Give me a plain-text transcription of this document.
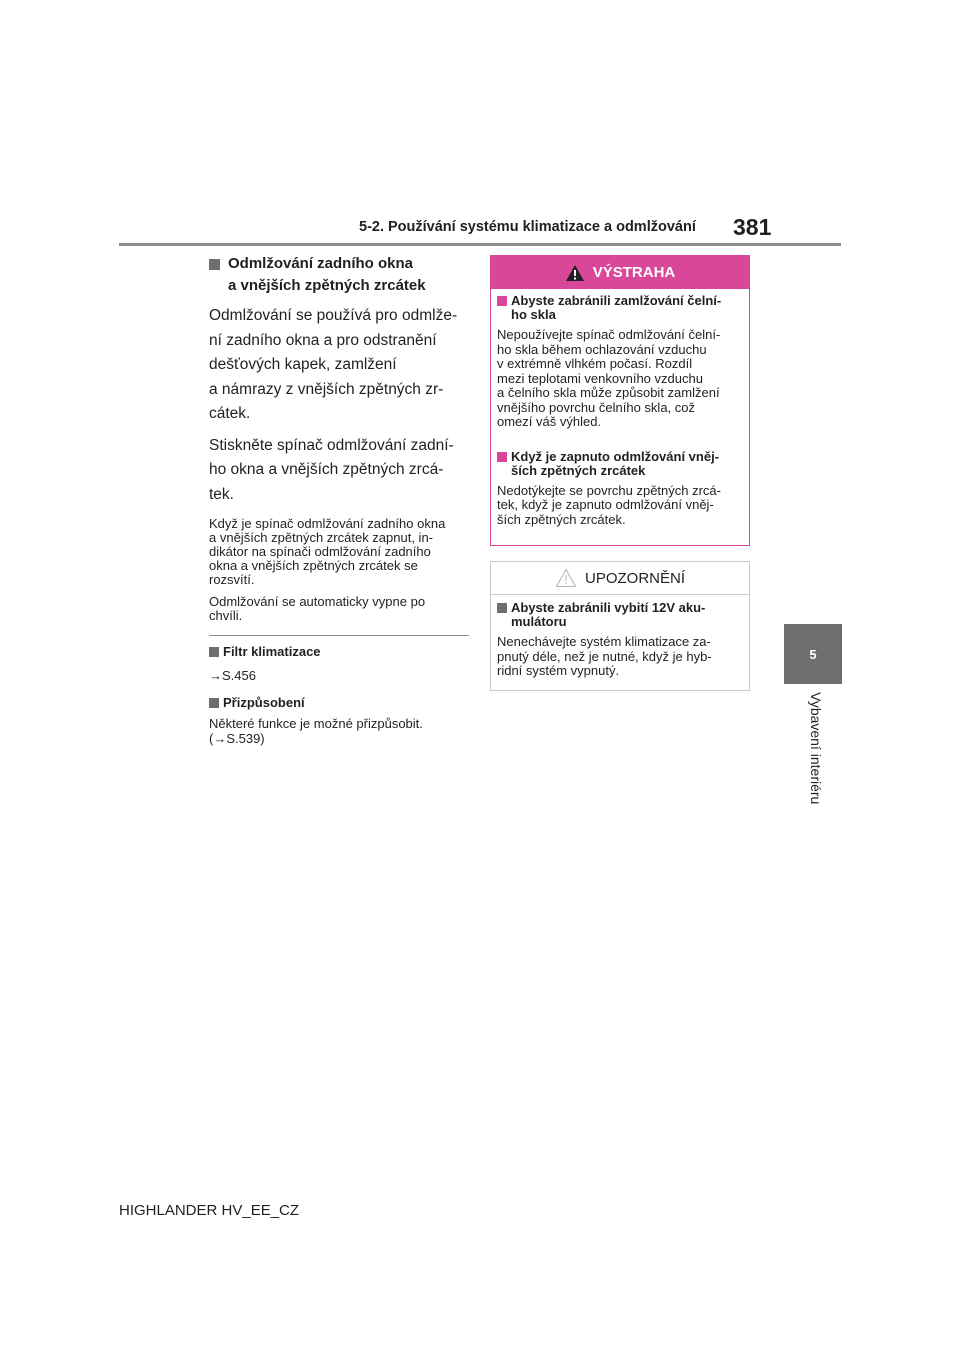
5-2. Používání systému klimatizace a odmlžování 381
5
Vybavení interiéru
Odmlžování zadního okna
a vnějších zpětných zrcátek
Odmlžování se používá pro odmlže-
ní zadního okna a pro odstranění
dešťových kapek, zamlžení
a námrazy z vnějších zpětných zr-
cátek.
Stiskněte spínač odmlžování zadní-
ho okna a vnějších zpětných zrcá-
tek.
Když je spínač odmlžování zadního okna
a vnějších zpětných zrcátek zapnut, in-
dikátor na spínači odmlžování zadního
okna a vnějších zpětných zrcátek se
rozsvítí.
Odmlžování se automaticky vypne po
chvíli.
Filtr klimatizace
→S.456
Přizpůsobení
Některé funkce je možné přizpůsobit.
(→S.539)
VÝSTRAHA
Abyste zabránili zamlžování čelní-
ho skla
Nepoužívejte spínač odmlžování čelní-
ho skla během ochlazování vzduchu
v extrémně vlhkém počasí. Rozdíl
mezi teplotami venkovního vzduchu
a čelního skla může způsobit zamlžení
vnějšího povrchu čelního skla, což
omezí váš výhled.
Když je zapnuto odmlžování vněj-
ších zpětných zrcátek
Nedotýkejte se povrchu zpětných zrcá-
tek, když je zapnuto odmlžování vněj-
ších zpětných zrcátek.
UPOZORNĚNÍ
Abyste zabránili vybití 12V aku-
mulátoru
Nenechávejte systém klimatizace za-
pnutý déle, než je nutné, když je hyb-
ridní systém vypnutý.
HIGHLANDER HV_EE_CZ
